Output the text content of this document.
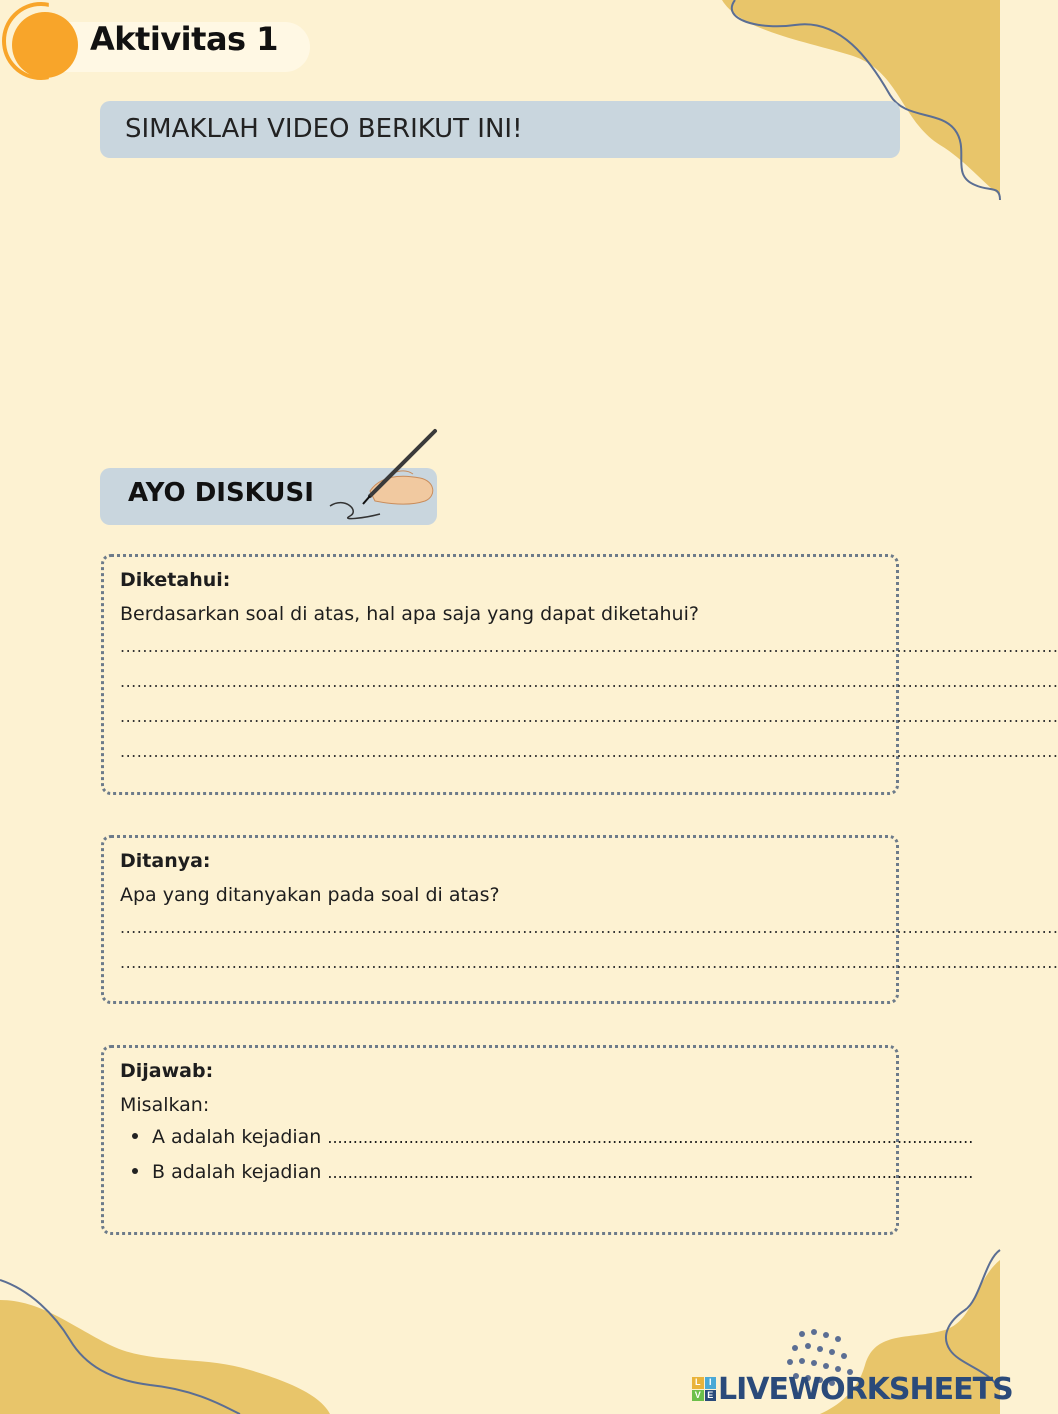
Aktivitas 1
SIMAKLAH VIDEO BERIKUT INI!
AYO DISKUSI
Diketahui:
Berdasarkan soal di atas, hal apa saja yang dapat diketahui?
........................................................................................................................................................................
........................................................................................................................................................................
........................................................................................................................................................................
........................................................................................................................................................................
Ditanya:
Apa yang ditanyakan pada soal di atas?
........................................................................................................................................................................
........................................................................................................................................................................
Dijawab:
Misalkan:
A adalah kejadian ...............................................................................................................................
B adalah kejadian ...............................................................................................................................
L I
V E LIVEWORKSHEETS
